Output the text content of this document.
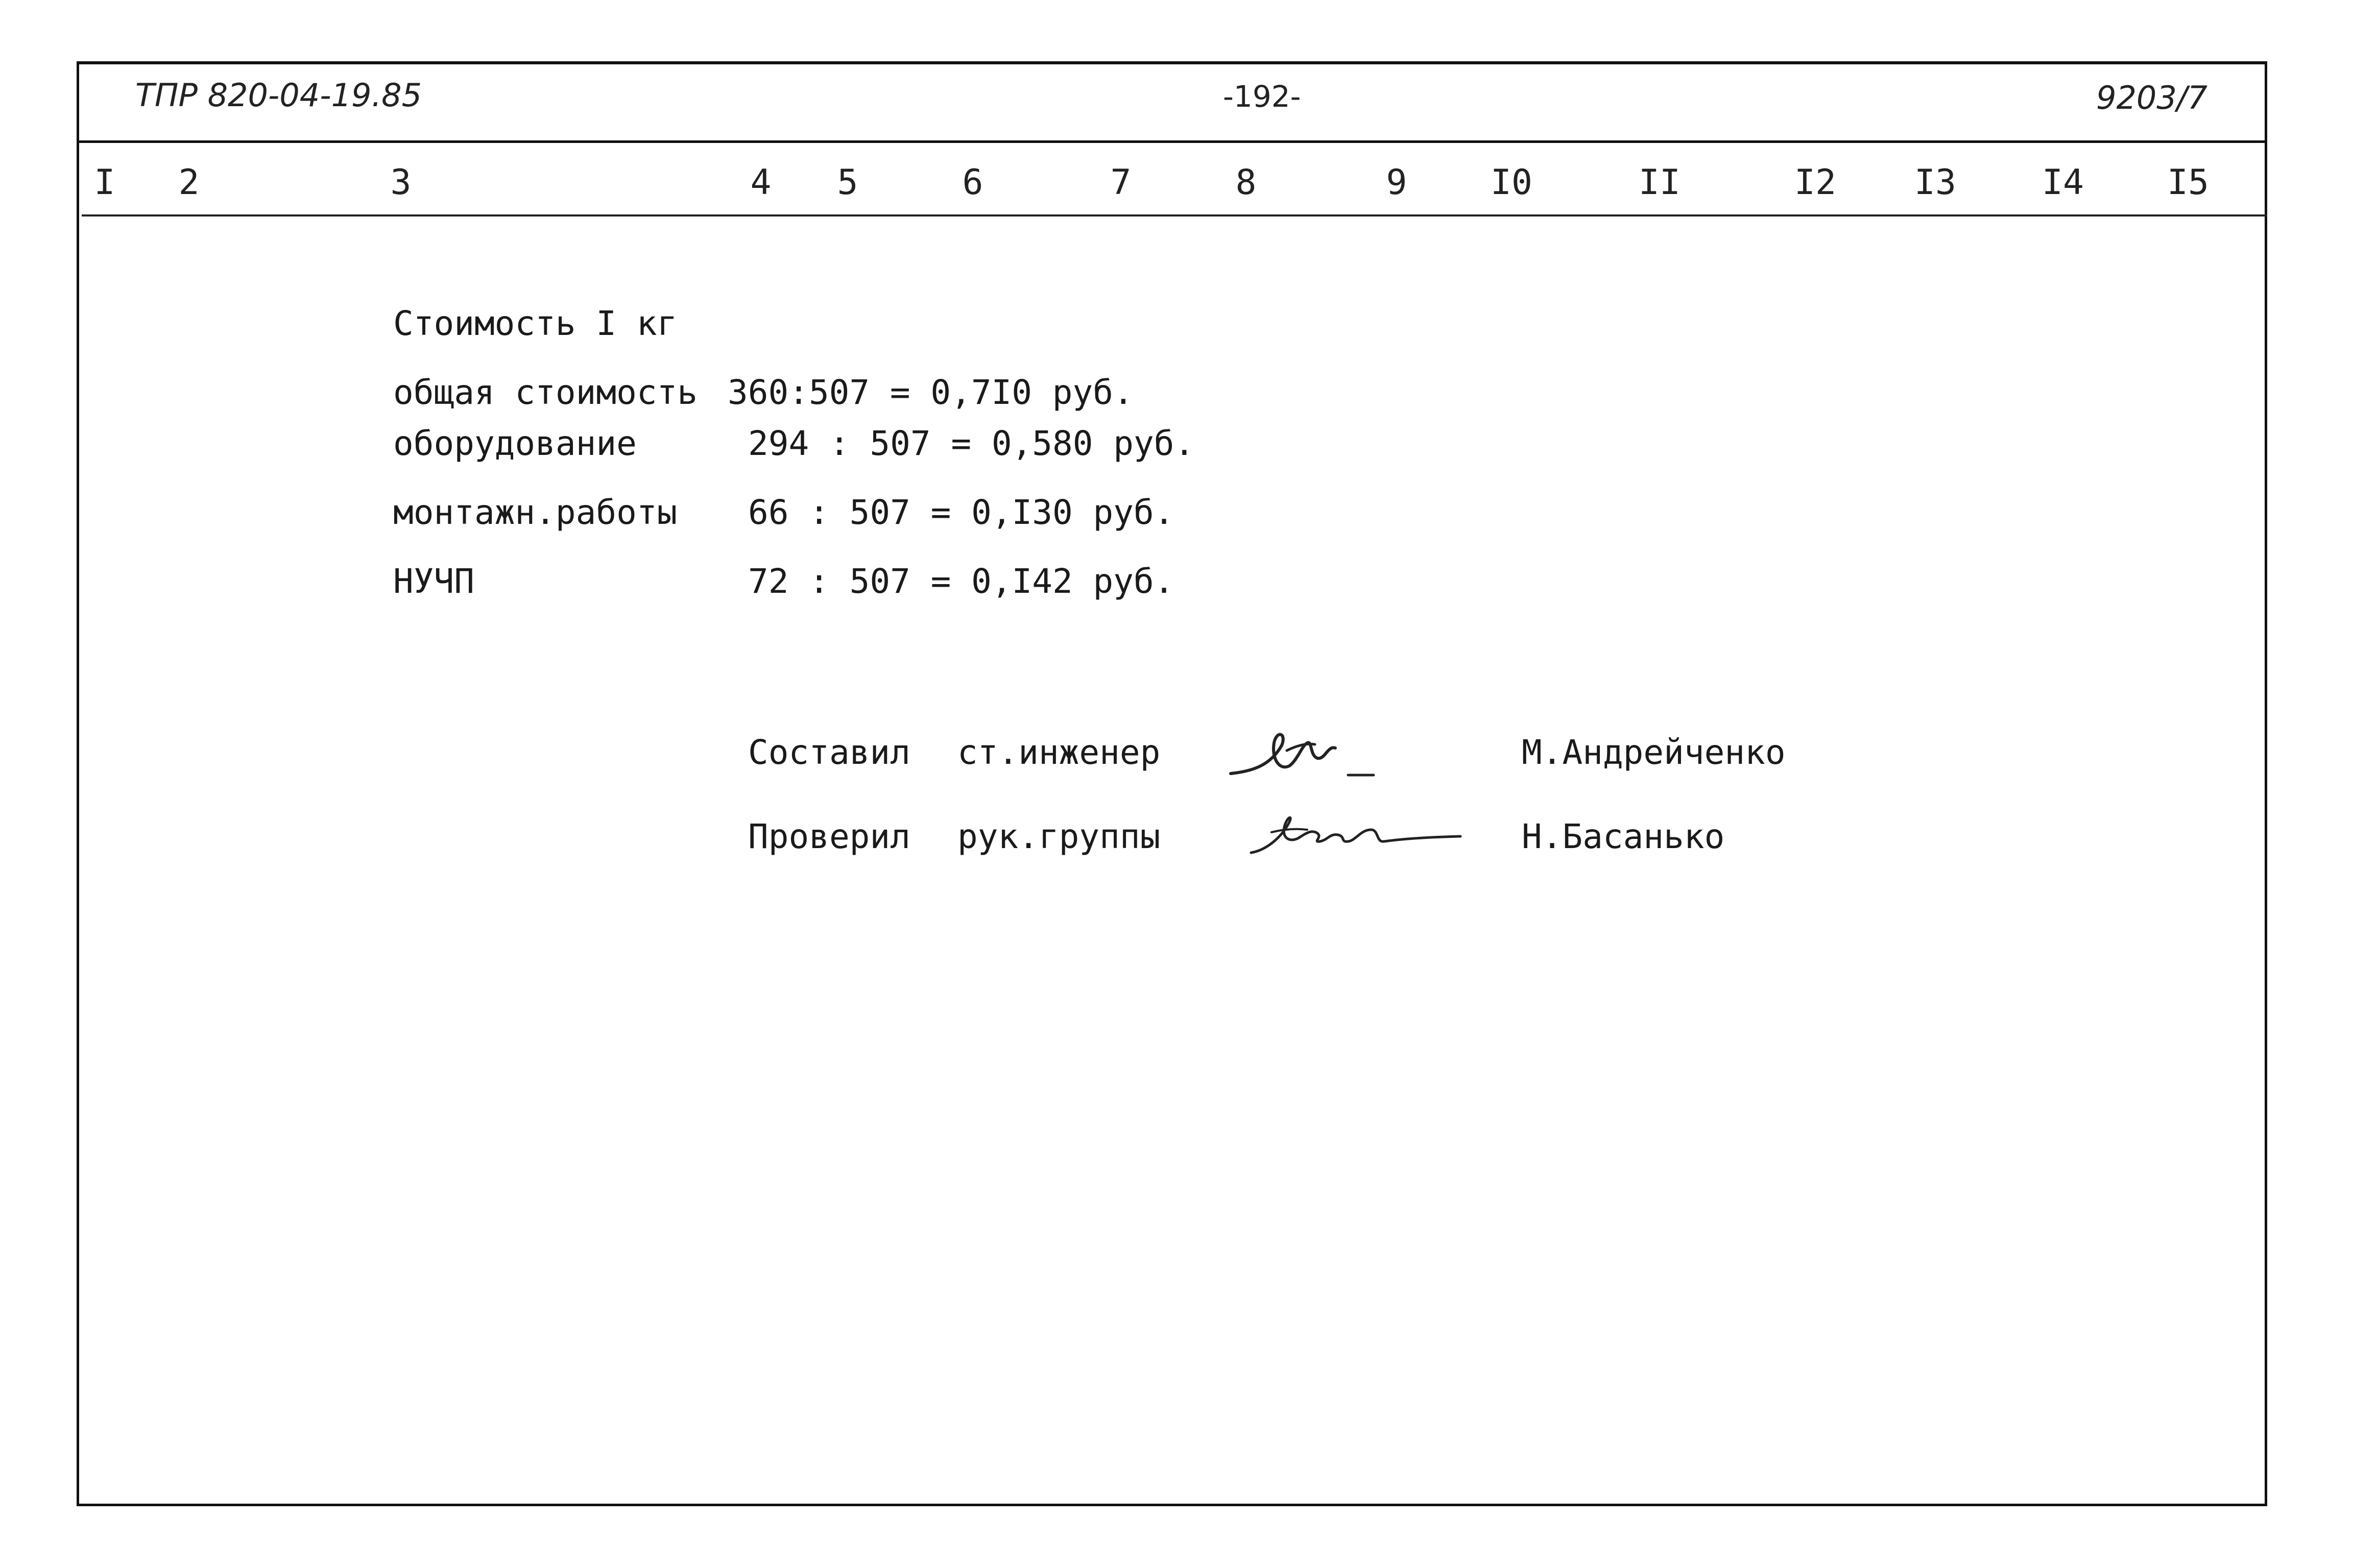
ТПР 820-04-19.85	-192-	9203/7
I 2	3	4 5	6	7	8	9 I0	II	I2 I3 I4 I5
Стоимость I кг
общая стоимость 360:507 = 0,7I0 руб.
оборудование	294 : 507 = 0,580 руб.
монтажн.работы 66 : 507 = 0,I30 руб.
НУЧП	72 : 507 = 0,I42 руб.
Составил ст.инженер	М.Андрейченко
Проверил рук.группы	Н.Басанько
